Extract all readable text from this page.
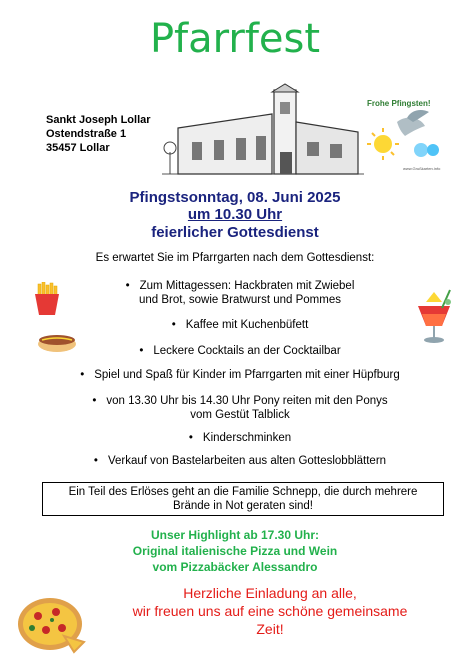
Pfarrfest
Sankt Joseph Lollar
Ostendstraße 1
35457 Lollar
Frohe Pfingsten!
www.Grußkarten.info
Pfingstsonntag, 08. Juni 2025
um 10.30 Uhr
feierlicher Gottesdienst
Es erwartet Sie im Pfarrgarten nach dem Gottesdienst:
• Zum Mittagessen: Hackbraten mit Zwiebel
und Brot, sowie Bratwurst und Pommes
• Kaffee mit Kuchenbüfett
• Leckere Cocktails an der Cocktailbar
• Spiel und Spaß für Kinder im Pfarrgarten mit einer Hüpfburg
• von 13.30 Uhr bis 14.30 Uhr Pony reiten mit den Ponys
vom Gestüt Talblick
• Kinderschminken
• Verkauf von Bastelarbeiten aus alten Gotteslobblättern
Ein Teil des Erlöses geht an die Familie Schnepp, die durch mehrere
Brände in Not geraten sind!
Unser Highlight ab 17.30 Uhr:
Original italienische Pizza und Wein
vom Pizzabäcker Alessandro
Herzliche Einladung an alle,
wir freuen uns auf eine schöne gemeinsame
Zeit!
